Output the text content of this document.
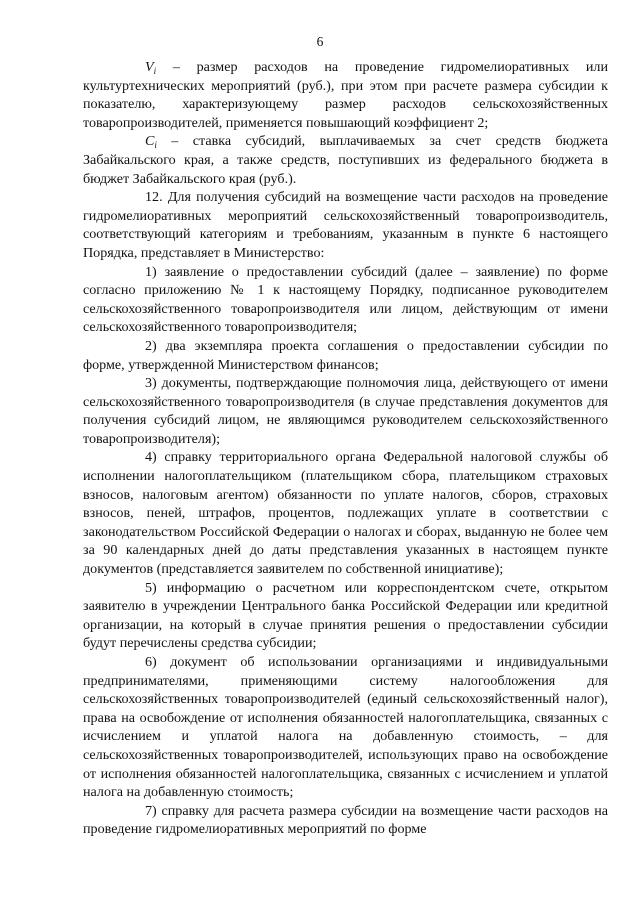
6

$V_i$ – размер расходов на проведение гидромелиоративных или культуртехнических мероприятий (руб.), при этом при расчете размера субсидии к показателю, характеризующему размер расходов сельскохозяйственных товаропроизводителей, применяется повышающий коэффициент 2;

$C_i$ – ставка субсидий, выплачиваемых за счет средств бюджета Забайкальского края, а также средств, поступивших из федерального бюджета в бюджет Забайкальского края (руб.).

12. Для получения субсидий на возмещение части расходов на проведение гидромелиоративных мероприятий сельскохозяйственный товаропроизводитель, соответствующий категориям и требованиям, указанным в пункте 6 настоящего Порядка, представляет в Министерство:

1) заявление о предоставлении субсидий (далее – заявление) по форме согласно приложению № 1 к настоящему Порядку, подписанное руководителем сельскохозяйственного товаропроизводителя или лицом, действующим от имени сельскохозяйственного товаропроизводителя;

2) два экземпляра проекта соглашения о предоставлении субсидии по форме, утвержденной Министерством финансов;

3) документы, подтверждающие полномочия лица, действующего от имени сельскохозяйственного товаропроизводителя (в случае представления документов для получения субсидий лицом, не являющимся руководителем сельскохозяйственного товаропроизводителя);

4) справку территориального органа Федеральной налоговой службы об исполнении налогоплательщиком (плательщиком сбора, плательщиком страховых взносов, налоговым агентом) обязанности по уплате налогов, сборов, страховых взносов, пеней, штрафов, процентов, подлежащих уплате в соответствии с законодательством Российской Федерации о налогах и сборах, выданную не более чем за 90 календарных дней до даты представления указанных в настоящем пункте документов (представляется заявителем по собственной инициативе);

5) информацию о расчетном или корреспондентском счете, открытом заявителю в учреждении Центрального банка Российской Федерации или кредитной организации, на который в случае принятия решения о предоставлении субсидии будут перечислены средства субсидии;

6) документ об использовании организациями и индивидуальными предпринимателями, применяющими систему налогообложения для сельскохозяйственных товаропроизводителей (единый сельскохозяйственный налог), права на освобождение от исполнения обязанностей налогоплательщика, связанных с исчислением и уплатой налога на добавленную стоимость, – для сельскохозяйственных товаропроизводителей, использующих право на освобождение от исполнения обязанностей налогоплательщика, связанных с исчислением и уплатой налога на добавленную стоимость;

7) справку для расчета размера субсидии на возмещение части расходов на проведение гидромелиоративных мероприятий по форме
